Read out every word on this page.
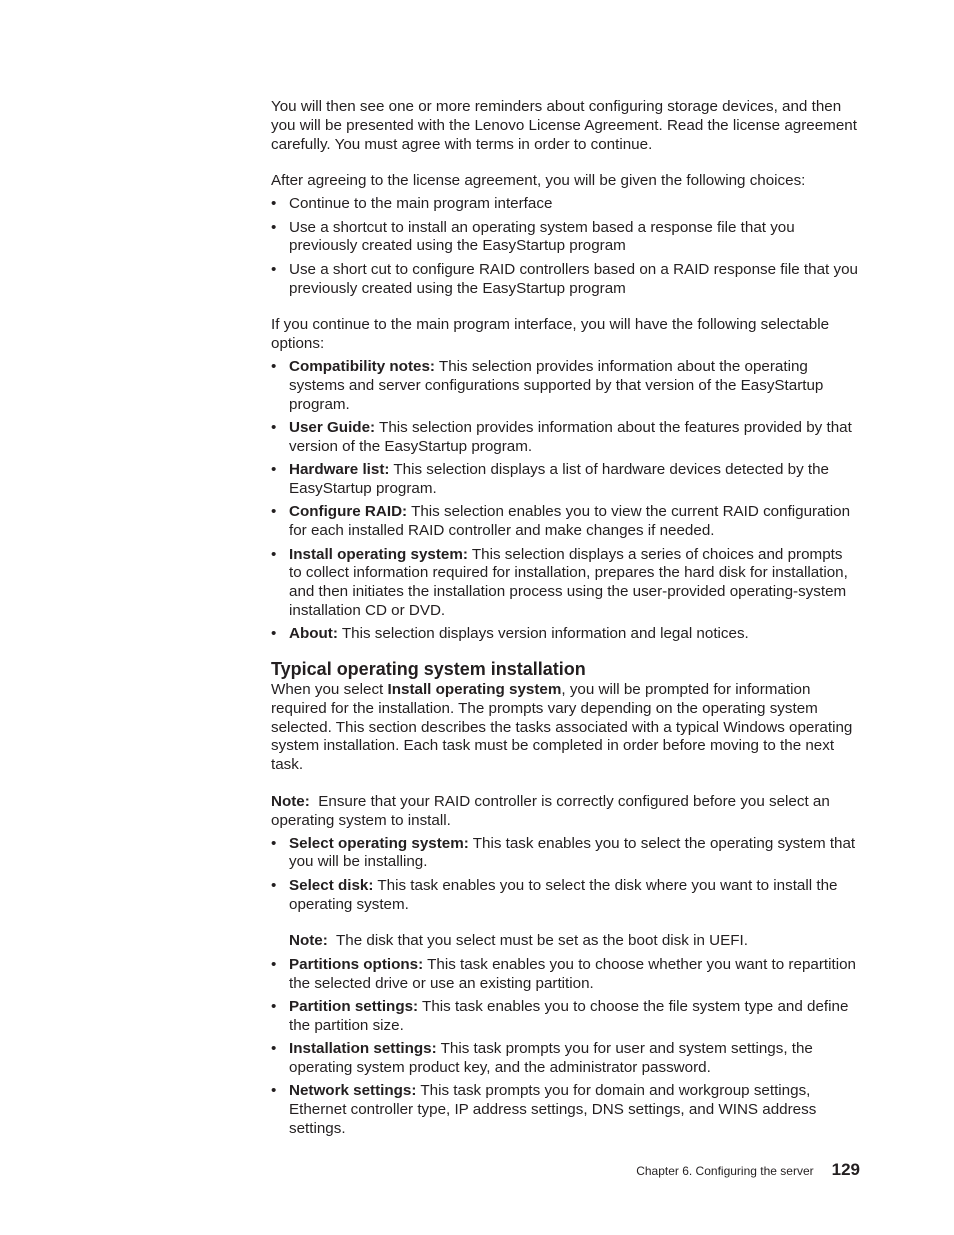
You will then see one or more reminders about configuring storage devices, and then you will be presented with the Lenovo License Agreement. Read the license agreement carefully. You must agree with terms in order to continue.

After agreeing to the license agreement, you will be given the following choices:

• Continue to the main program interface
• Use a shortcut to install an operating system based a response file that you previously created using the EasyStartup program
• Use a short cut to configure RAID controllers based on a RAID response file that you previously created using the EasyStartup program

If you continue to the main program interface, you will have the following selectable options:

• Compatibility notes: This selection provides information about the operating systems and server configurations supported by that version of the EasyStartup program.
• User Guide: This selection provides information about the features provided by that version of the EasyStartup program.
• Hardware list: This selection displays a list of hardware devices detected by the EasyStartup program.
• Configure RAID: This selection enables you to view the current RAID configuration for each installed RAID controller and make changes if needed.
• Install operating system: This selection displays a series of choices and prompts to collect information required for installation, prepares the hard disk for installation, and then initiates the installation process using the user-provided operating-system installation CD or DVD.
• About: This selection displays version information and legal notices.
Typical operating system installation

When you select Install operating system, you will be prompted for information required for the installation. The prompts vary depending on the operating system selected. This section describes the tasks associated with a typical Windows operating system installation. Each task must be completed in order before moving to the next task.

Note:  Ensure that your RAID controller is correctly configured before you select an operating system to install.

• Select operating system: This task enables you to select the operating system that you will be installing.
• Select disk: This task enables you to select the disk where you want to install the operating system.

Note:  The disk that you select must be set as the boot disk in UEFI.

• Partitions options: This task enables you to choose whether you want to repartition the selected drive or use an existing partition.
• Partition settings: This task enables you to choose the file system type and define the partition size.
• Installation settings: This task prompts you for user and system settings, the operating system product key, and the administrator password.
• Network settings: This task prompts you for domain and workgroup settings, Ethernet controller type, IP address settings, DNS settings, and WINS address settings.
Chapter 6. Configuring the server 129
